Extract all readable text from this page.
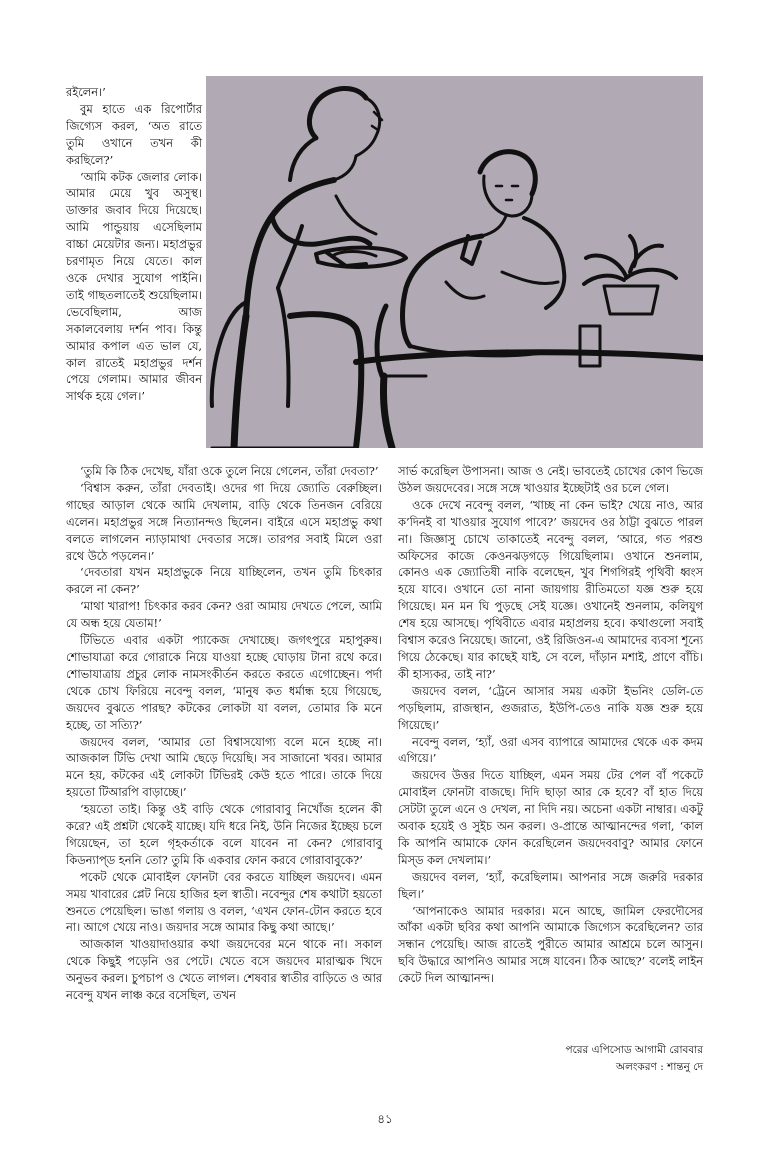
রইলেন।’

বুম হাতে এক রিপোর্টার জিগ্যেস করল, ‘অত রাতে তুমি ওখানে তখন কী করছিলে?’

‘আমি কটক জেলার লোক। আমার মেয়ে খুব অসুস্থ। ডাক্তার জবাব দিয়ে দিয়েছে। আমি পান্ডুয়ায় এসেছিলাম বাচ্চা মেয়েটার জন্য। মহাপ্রভুর চরণামৃত নিয়ে যেতে। কাল ওকে দেখার সুযোগ পাইনি। তাই গাছতলাতেই শুয়েছিলাম। ভেবেছিলাম, আজ সকালবেলায় দর্শন পাব। কিন্তু আমার কপাল এত ভাল যে, কাল রাতেই মহাপ্রভুর দর্শন পেয়ে গেলাম। আমার জীবন সার্থক হয়ে গেল।’

‘তুমি কি ঠিক দেখেছ, যাঁরা ওকে তুলে নিয়ে গেলেন, তাঁরা দেবতা?’

‘বিশ্বাস করুন, তাঁরা দেবতাই। ওদের গা দিয়ে জ্যোতি বেরুচ্ছিল। গাছের আড়াল থেকে আমি দেখলাম, বাড়ি থেকে তিনজন বেরিয়ে এলেন। মহাপ্রভুর সঙ্গে নিত্যানন্দও ছিলেন। বাইরে এসে মহাপ্রভু কথা বলতে লাগলেন ন্যাড়ামাথা দেবতার সঙ্গে। তারপর সবাই মিলে ওরা রথে উঠে পড়লেন।’

‘দেবতারা যখন মহাপ্রভুকে নিয়ে যাচ্ছিলেন, তখন তুমি চিৎকার করলে না কেন?’

‘মাথা খারাপ! চিৎকার করব কেন? ওরা আমায় দেখতে পেলে, আমি যে অন্ধ হয়ে যেতাম!’

টিভিতে এবার একটা প্যাকেজ দেখাচ্ছে। জগৎপুরে মহাপুরুষ। শোভাযাত্রা করে গোরাকে নিয়ে যাওয়া হচ্ছে ঘোড়ায় টানা রথে করে। শোভাযাত্রায় প্রচুর লোক নামসংকীর্তন করতে করতে এগোচ্ছেন। পর্দা থেকে চোখ ফিরিয়ে নবেন্দু বলল, ‘মানুষ কত ধর্মান্ধ হয়ে গিয়েছে, জয়দেব বুঝতে পারছ? কটকের লোকটা যা বলল, তোমার কি মনে হচ্ছে, তা সত্যি?’

জয়দেব বলল, ‘আমার তো বিশ্বাসযোগ্য বলে মনে হচ্ছে না। আজকাল টিভি দেখা আমি ছেড়ে দিয়েছি। সব সাজানো খবর। আমার মনে হয়, কটকের এই লোকটা টিভিরই কেউ হতে পারে। তাকে দিয়ে হয়তো টিআরপি বাড়াচ্ছে।’

‘হয়তো তাই। কিন্তু ওই বাড়ি থেকে গোরাবাবু নিখোঁজ হলেন কী করে? এই প্রশ্নটা থেকেই যাচ্ছে। যদি ধরে নিই, উনি নিজের ইচ্ছেয় চলে গিয়েছেন, তা হলে গৃহকর্তাকে বলে যাবেন না কেন? গোরাবাবু কিডন্যাপ্‌ড হননি তো? তুমি কি একবার ফোন করবে গোরাবাবুকে?’

পকেট থেকে মোবাইল ফোনটা বের করতে যাচ্ছিল জয়দেব। এমন সময় খাবারের প্লেট নিয়ে হাজির হল স্বাতী। নবেন্দুর শেষ কথাটা হয়তো শুনতে পেয়েছিল। ভাঙা গলায় ও বলল, ‘এখন ফোন-টোন করতে হবে না। আগে খেয়ে নাও। জয়দার সঙ্গে আমার কিছু কথা আছে।’

আজকাল খাওয়াদাওয়ার কথা জয়দেবের মনে থাকে না। সকাল থেকে কিছুই পড়েনি ওর পেটে। খেতে বসে জয়দেব মারাত্মক খিদে অনুভব করল। চুপচাপ ও খেতে লাগল। শেষবার স্বাতীর বাড়িতে ও আর নবেন্দু যখন লাঞ্চ করে বসেছিল, তখন

সার্ভ করেছিল উপাসনা। আজ ও নেই। ভাবতেই চোখের কোণ ভিজে উঠল জয়দেবের। সঙ্গে সঙ্গে খাওয়ার ইচ্ছেটাই ওর চলে গেল।

ওকে দেখে নবেন্দু বলল, ‘খাচ্ছ না কেন ভাই? খেয়ে নাও, আর ক’দিনই বা খাওয়ার সুযোগ পাবে?’ জয়দেব ওর ঠাট্টা বুঝতে পারল না। জিজ্ঞাসু চোখে তাকাতেই নবেন্দু বলল, ‘আরে, গত পরশু অফিসের কাজে কেওনঝড়গড়ে গিয়েছিলাম। ওখানে শুনলাম, কোনও এক জ্যোতিষী নাকি বলেছেন, খুব শিগগিরই পৃথিবী ধ্বংস হয়ে যাবে। ওখানে তো নানা জায়গায় রীতিমতো যজ্ঞ শুরু হয়ে গিয়েছে। মন মন ঘি পুড়ছে সেই যজ্ঞে। ওখানেই শুনলাম, কলিযুগ শেষ হয়ে আসছে। পৃথিবীতে এবার মহাপ্রলয় হবে। কথাগুলো সবাই বিশ্বাস করেও নিয়েছে। জানো, ওই রিজিওন-এ আমাদের ব্যবসা শূন্যে গিয়ে ঠেকেছে। যার কাছেই যাই, সে বলে, দাঁড়ান মশাই, প্রাণে বাঁচি। কী হাস্যকর, তাই না?’

জয়দেব বলল, ‘ট্রেনে আসার সময় একটা ইভনিং ডেলি-তে পড়ছিলাম, রাজস্থান, গুজরাত, ইউপি-তেও নাকি যজ্ঞ শুরু হয়ে গিয়েছে।’

নবেন্দু বলল, ‘হ্যাঁ, ওরা এসব ব্যাপারে আমাদের থেকে এক কদম এগিয়ে।’

জয়দেব উত্তর দিতে যাচ্ছিল, এমন সময় টের পেল বাঁ পকেটে মোবাইল ফোনটা বাজছে। দিদি ছাড়া আর কে হবে? বাঁ হাত দিয়ে সেটটা তুলে এনে ও দেখল, না দিদি নয়। অচেনা একটা নাম্বার। একটু অবাক হয়েই ও সুইচ অন করল। ও-প্রান্তে আত্মানন্দের গলা, ‘কাল কি আপনি আমাকে ফোন করেছিলেন জয়দেববাবু? আমার ফোনে মিস্‌ড কল দেখলাম।’

জয়দেব বলল, ‘হ্যাঁ, করেছিলাম। আপনার সঙ্গে জরুরি দরকার ছিল।’

‘আপনাকেও আমার দরকার। মনে আছে, জামিল ফেরদৌসের আঁকা একটা ছবির কথা আপনি আমাকে জিগ্যেস করেছিলেন? তার সন্ধান পেয়েছি। আজ রাতেই পুরীতে আমার আশ্রমে চলে আসুন। ছবি উদ্ধারে আপনিও আমার সঙ্গে যাবেন। ঠিক আছে?’ বলেই লাইন কেটে দিল আত্মানন্দ।

পরের এপিসোড আগামী রোববার
অলংকরণ : শান্তনু দে
৪১
